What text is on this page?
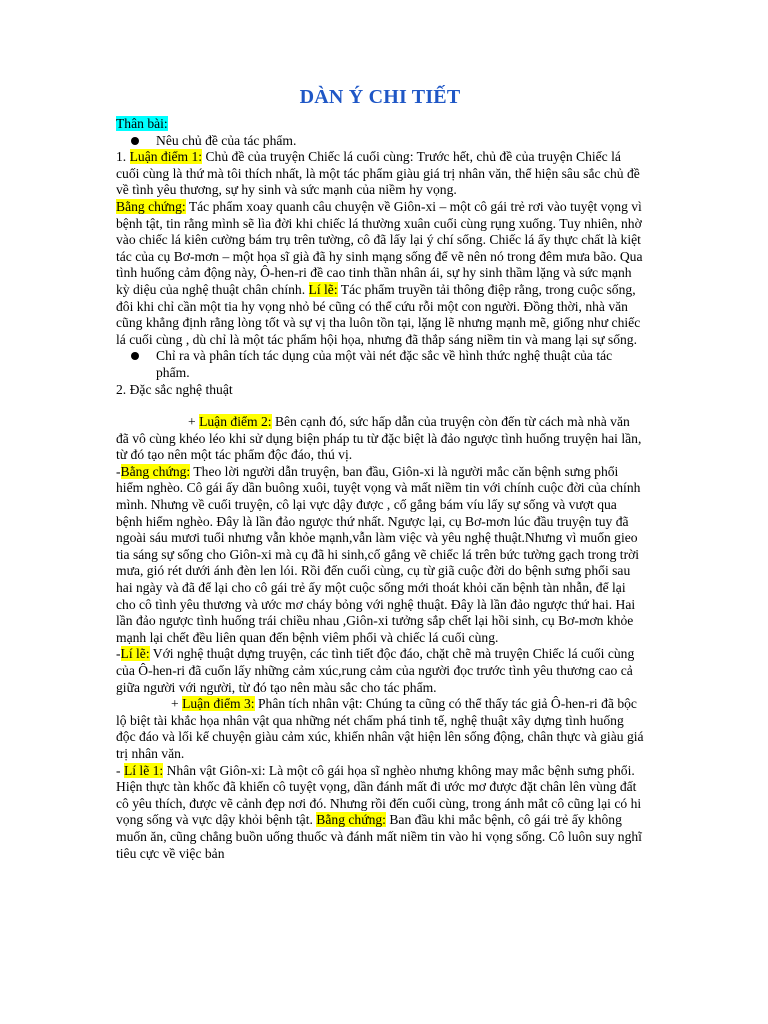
DÀN Ý CHI TIẾT

Thân bài:

Nêu chủ đề của tác phẩm.

1. Luận điểm 1: Chủ đề của truyện Chiếc lá cuối cùng: Trước hết, chủ đề của truyện Chiếc lá cuối cùng là thứ mà tôi thích nhất, là một tác phẩm giàu giá trị nhân văn, thể hiện sâu sắc chủ đề về tình yêu thương, sự hy sinh và sức mạnh của niềm hy vọng.

Bằng chứng: Tác phẩm xoay quanh câu chuyện về Giôn-xi – một cô gái trẻ rơi vào tuyệt vọng vì bệnh tật, tin rằng mình sẽ lìa đời khi chiếc lá thường xuân cuối cùng rụng xuống. Tuy nhiên, nhờ vào chiếc lá kiên cường bám trụ trên tường, cô đã lấy lại ý chí sống. Chiếc lá ấy thực chất là kiệt tác của cụ Bơ-mơn – một họa sĩ già đã hy sinh mạng sống để vẽ nên nó trong đêm mưa bão. Qua tình huống cảm động này, Ô-hen-ri đề cao tinh thần nhân ái, sự hy sinh thầm lặng và sức mạnh kỳ diệu của nghệ thuật chân chính. Lí lẽ: Tác phẩm truyền tải thông điệp rằng, trong cuộc sống, đôi khi chỉ cần một tia hy vọng nhỏ bé cũng có thể cứu rỗi một con người. Đồng thời, nhà văn cũng khẳng định rằng lòng tốt và sự vị tha luôn tồn tại, lặng lẽ nhưng mạnh mẽ, giống như chiếc lá cuối cùng , dù chỉ là một tác phẩm hội họa, nhưng đã thắp sáng niềm tin và mang lại sự sống.

Chỉ ra và phân tích tác dụng của một vài nét đặc sắc về hình thức nghệ thuật của tác phẩm.

2. Đặc sắc nghệ thuật

+ Luận điểm 2: Bên cạnh đó, sức hấp dẫn của truyện còn đến từ cách mà nhà văn đã vô cùng khéo léo khi sử dụng biện pháp tu từ đặc biệt là đảo ngược tình huống truyện hai lần, từ đó tạo nên một tác phẩm độc đáo, thú vị.

-Bằng chứng: Theo lời người dẫn truyện, ban đầu, Giôn-xi là người mắc căn bệnh sưng phổi hiểm nghèo. Cô gái ấy dần buông xuôi, tuyệt vọng và mất niềm tin với chính cuộc đời của chính mình. Nhưng về cuối truyện, cô lại vực dậy được , cố gắng bám víu lấy sự sống và vượt qua bệnh hiểm nghèo. Đây là lần đảo ngược thứ nhất. Ngược lại, cụ Bơ-mơn lúc đầu truyện tuy đã ngoài sáu mươi tuổi nhưng vẫn khỏe mạnh,vẫn làm việc và yêu nghệ thuật.Nhưng vì muốn gieo tia sáng sự sống cho Giôn-xi mà cụ đã hi sinh,cố gắng vẽ chiếc lá trên bức tường gạch trong trời mưa, gió rét dưới ánh đèn len lói. Rồi đến cuối cùng, cụ từ giã cuộc đời do bệnh sưng phổi sau hai ngày và đã để lại cho cô gái trẻ ấy một cuộc sống mới thoát khỏi căn bệnh tàn nhẫn, để lại cho cô tình yêu thương và ước mơ cháy bỏng với nghệ thuật. Đây là lần đảo ngược thứ hai. Hai lần đảo ngược tình huống trái chiều nhau ,Giôn-xi tưởng sắp chết lại hồi sinh, cụ Bơ-mơn khỏe mạnh lại chết đều liên quan đến bệnh viêm phổi và chiếc lá cuối cùng.

-Lí lẽ: Với nghệ thuật dựng truyện, các tình tiết độc đáo, chặt chẽ mà truyện Chiếc lá cuối cùng của Ô-hen-ri đã cuốn lấy những cảm xúc,rung cảm của người đọc trước tình yêu thương cao cả giữa người với người, từ đó tạo nên màu sắc cho tác phẩm.

+ Luận điểm 3: Phân tích nhân vật: Chúng ta cũng có thể thấy tác giả Ô-hen-ri đã bộc lộ biệt tài khắc họa nhân vật qua những nét chấm phá tinh tế, nghệ thuật xây dựng tình huống độc đáo và lối kể chuyện giàu cảm xúc, khiến nhân vật hiện lên sống động, chân thực và giàu giá trị nhân văn.

- Lí lẽ 1: Nhân vật Giôn-xi: Là một cô gái họa sĩ nghèo nhưng không may mắc bệnh sưng phổi. Hiện thực tàn khốc đã khiến cô tuyệt vọng, dần đánh mất đi ước mơ được đặt chân lên vùng đất cô yêu thích, được vẽ cảnh đẹp nơi đó. Nhưng rồi đến cuối cùng, trong ánh mắt cô cũng lại có hi vọng sống và vực dậy khỏi bệnh tật. Bằng chứng: Ban đầu khi mắc bệnh, cô gái trẻ ấy không muốn ăn, cũng chẳng buồn uống thuốc và đánh mất niềm tin vào hi vọng sống. Cô luôn suy nghĩ tiêu cực về việc bản
